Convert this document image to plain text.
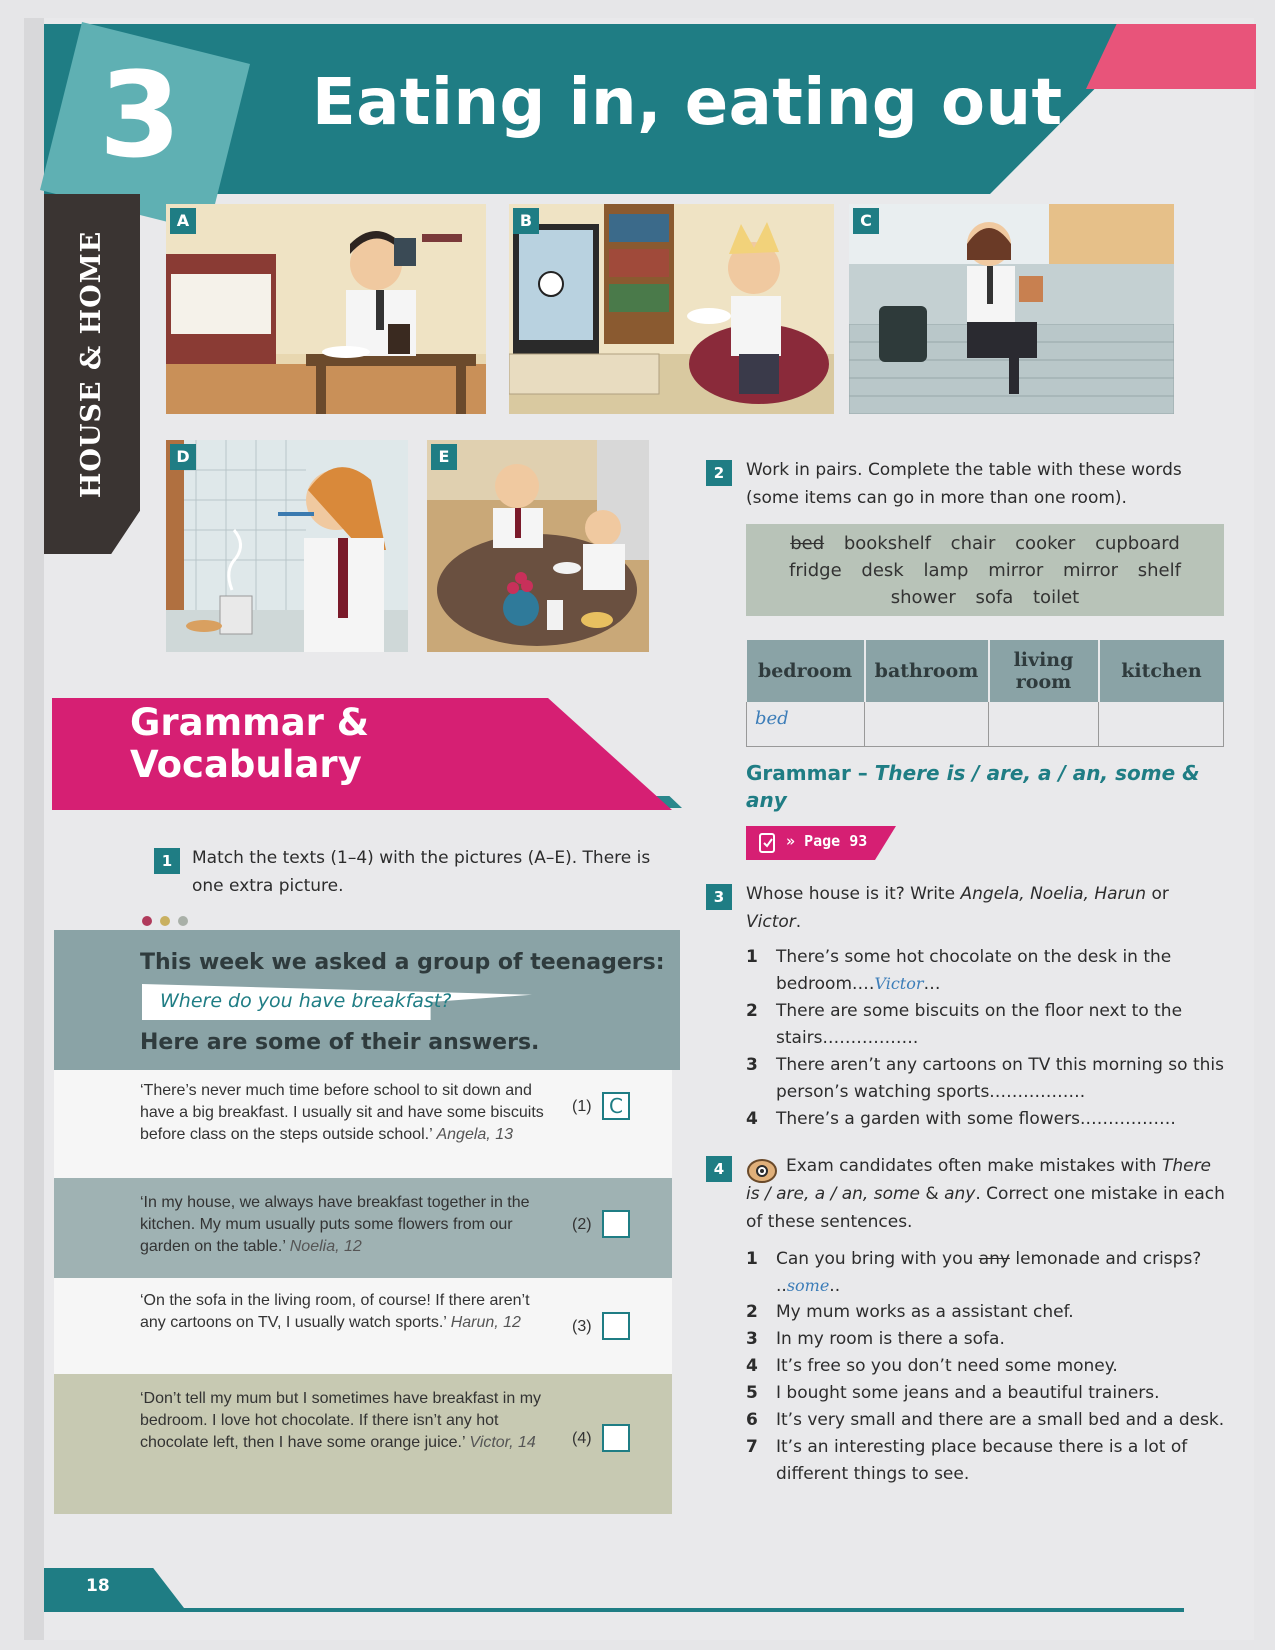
3	Eating in, eating out
HOUSE & HOME
A	B	C
D	E
Grammar &
Vocabulary
1	Match the texts (1–4) with the pictures (A–E). There is one extra picture.
This week we asked a group of teenagers:
Where do you have breakfast?
Here are some of their answers.
‘There’s never much time before school to sit down and have a big breakfast. I usually sit and have some biscuits before class on the steps outside school.’ Angela, 13
(1) C
‘In my house, we always have breakfast together in the kitchen. My mum usually puts some flowers from our garden on the table.’ Noelia, 12
(2)
‘On the sofa in the living room, of course! If there aren’t any cartoons on TV, I usually watch sports.’ Harun, 12	(3)
‘Don’t tell my mum but I sometimes have breakfast in my bedroom. I love hot chocolate. If there isn’t any hot chocolate left, then I have some orange juice.’ Victor, 14	(4)
2	Work in pairs. Complete the table with these words (some items can go in more than one room).
bed bookshelf chair cooker cupboard
fridge desk lamp mirror mirror shelf
shower sofa toilet
bedroom	bathroom	living room	kitchen
bed			
Grammar – There is / are, a / an, some & any
» Page 93
3	Whose house is it? Write Angela, Noelia, Harun or Victor.
1 There’s some hot chocolate on the desk in the bedroom.…Victor…
2 There are some biscuits on the floor next to the stairs.…………….
3 There aren’t any cartoons on TV this morning so this person’s watching sports.…………….
4 There’s a garden with some flowers.…………….
4	Exam candidates often make mistakes with There is / are, a / an, some & any. Correct one mistake in each of these sentences.
1 Can you bring with you any lemonade and crisps?
..some..
2 My mum works as a assistant chef.
3 In my room is there a sofa.
4 It’s free so you don’t need some money.
5 I bought some jeans and a beautiful trainers.
6 It’s very small and there are a small bed and a desk.
7 It’s an interesting place because there is a lot of different things to see.
18
